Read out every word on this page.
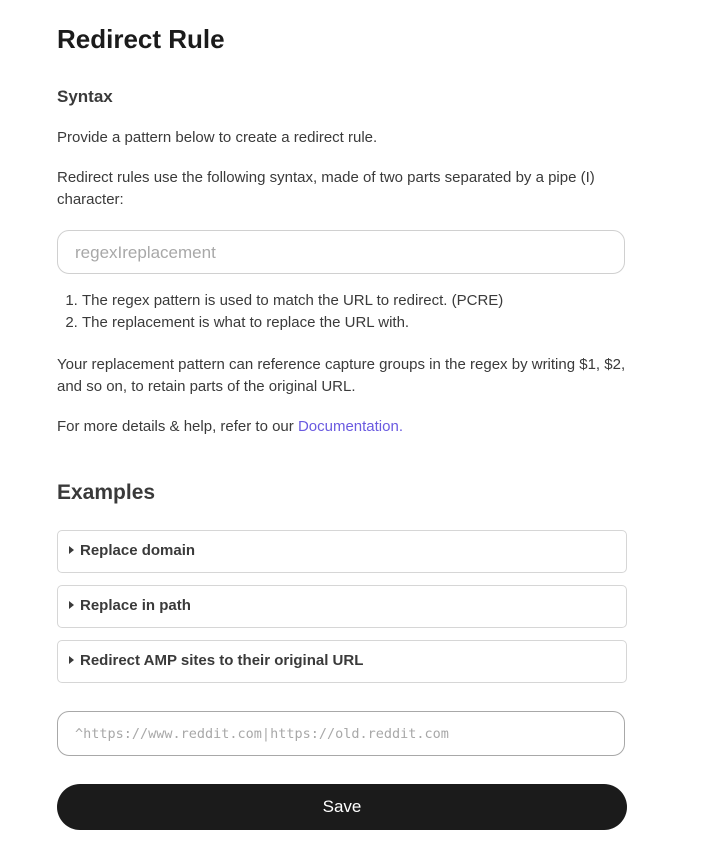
Redirect Rule
Syntax

Provide a pattern below to create a redirect rule.

Redirect rules use the following syntax, made of two parts separated by a pipe (I) character:

regexIreplacement
1. The regex pattern is used to match the URL to redirect. (PCRE)
2. The replacement is what to replace the URL with.

Your replacement pattern can reference capture groups in the regex by writing $1, $2, and so on, to retain parts of the original URL.

For more details & help, refer to our Documentation.

Examples
Replace domain
Replace in path
Redirect AMP sites to their original URL
^https://www.reddit.com|https://old.reddit.com
Save
